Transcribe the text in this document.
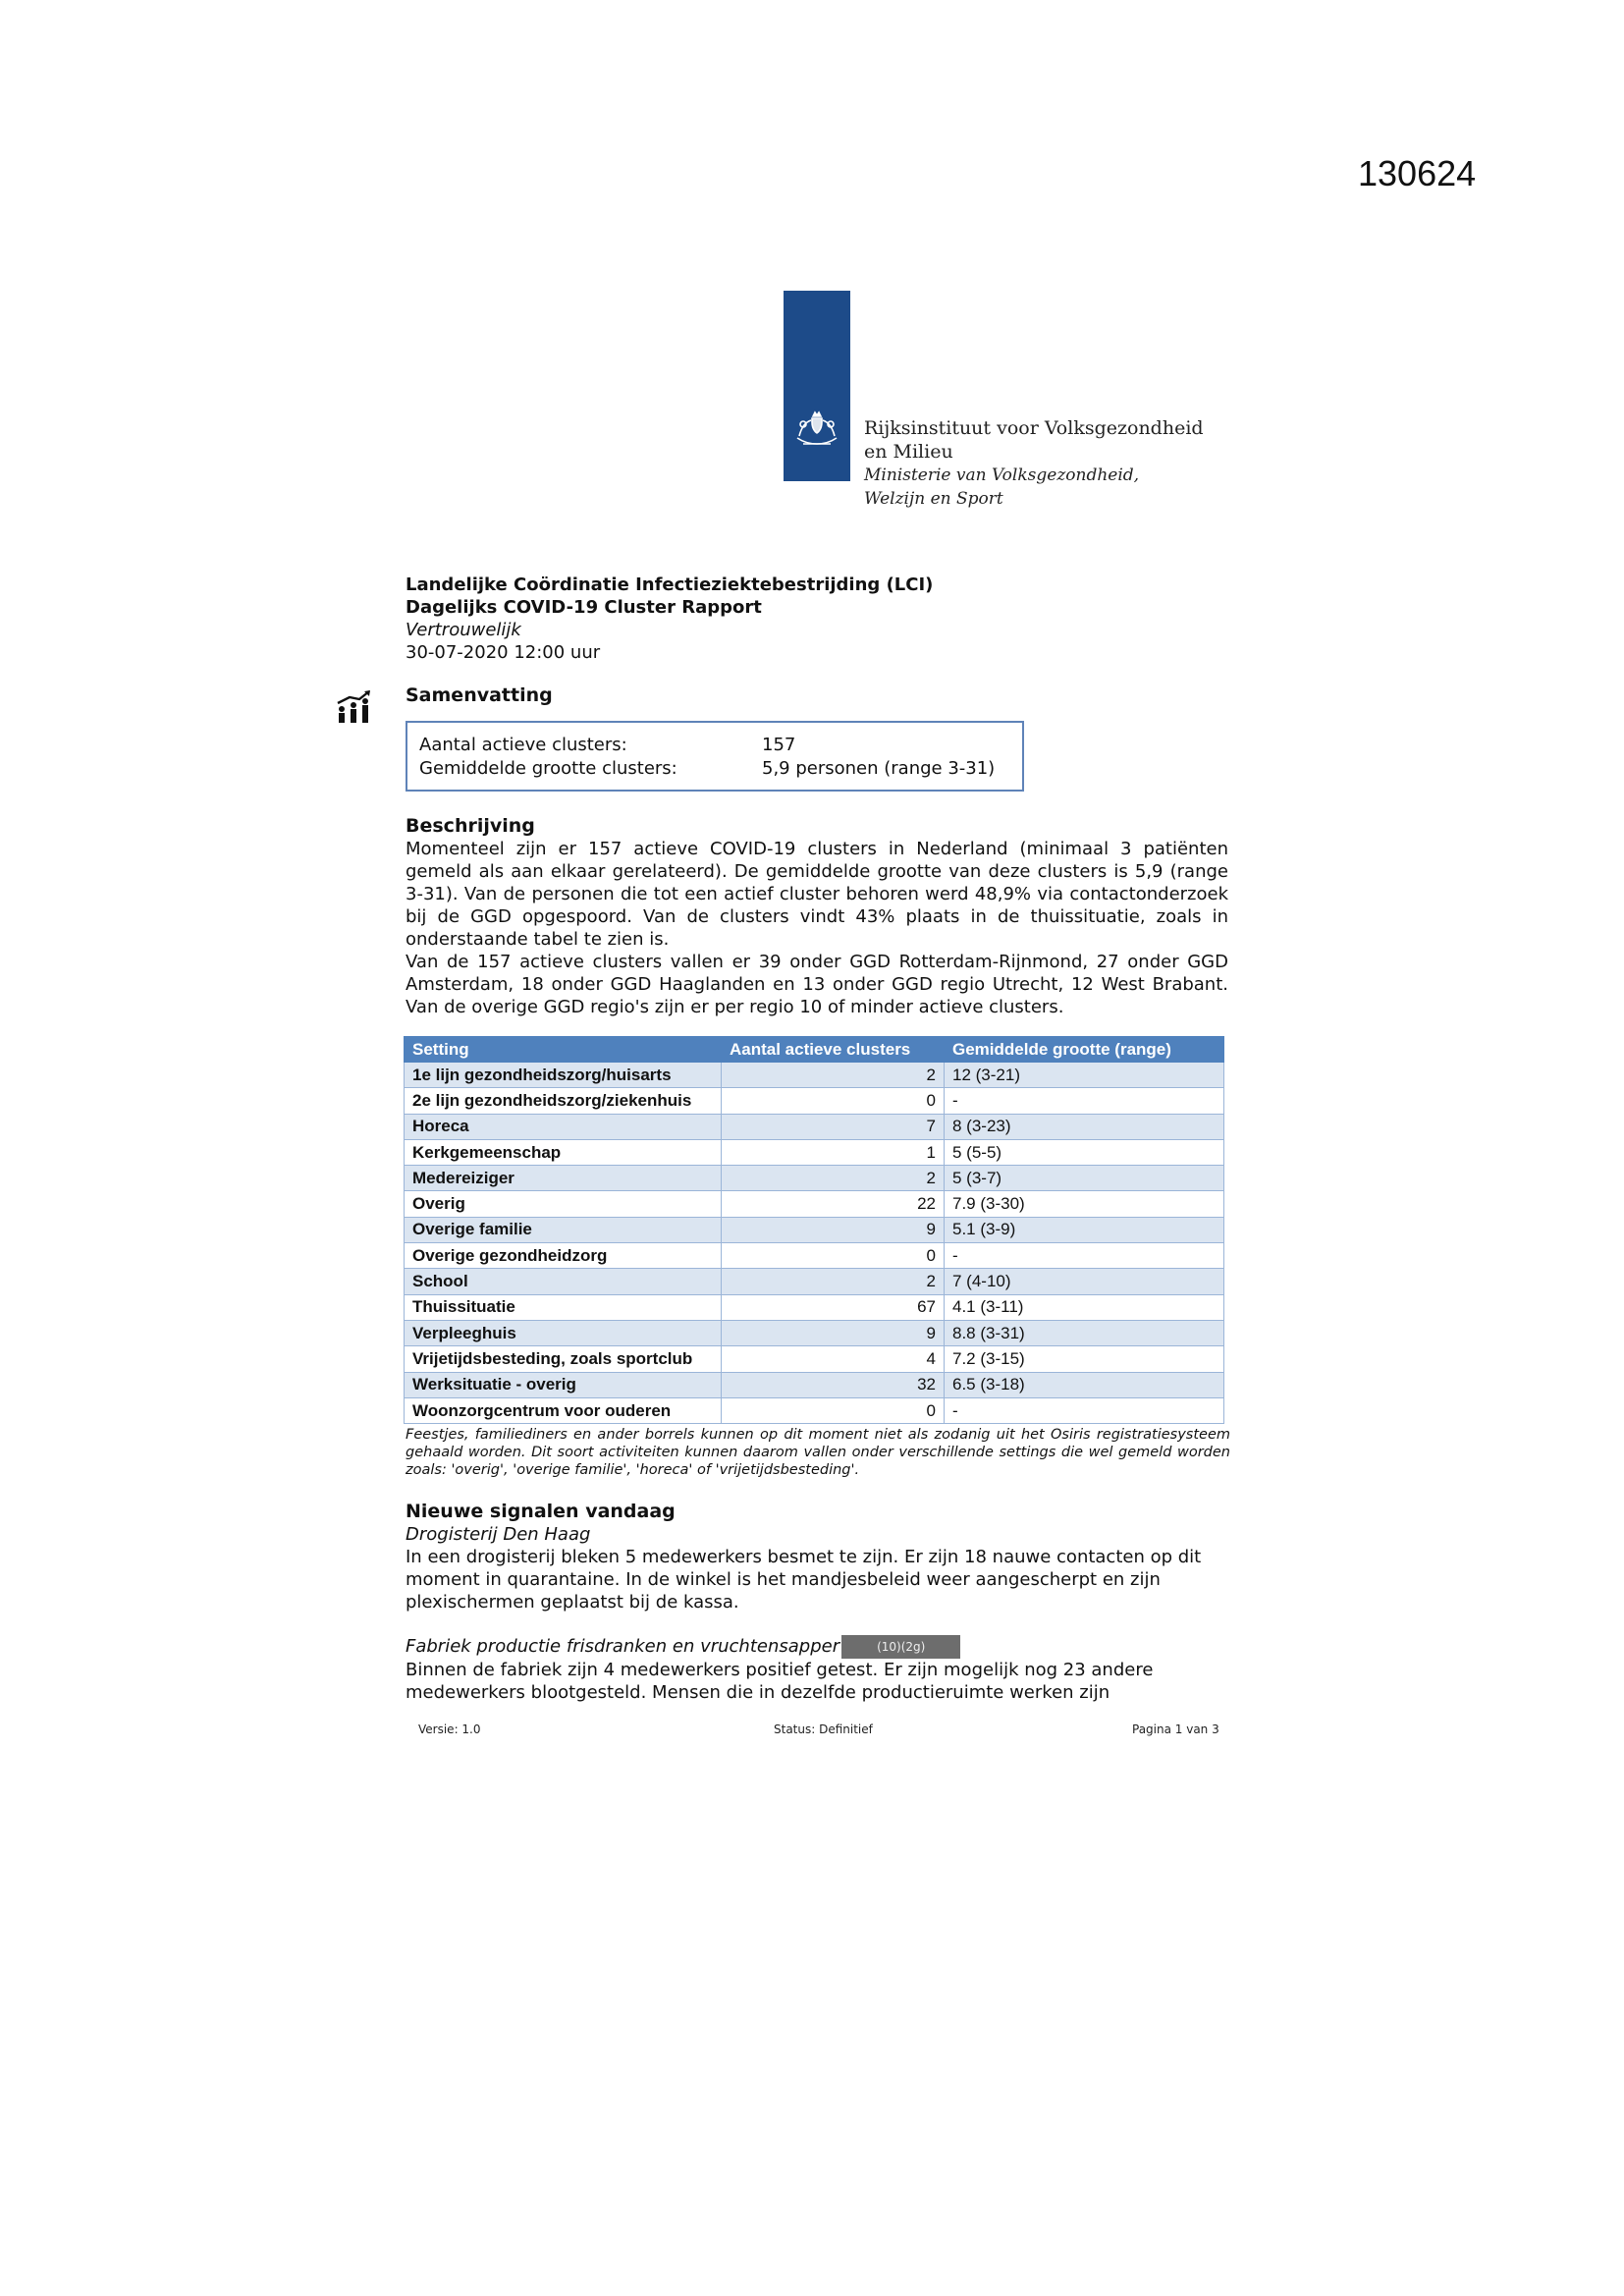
130624
Rijksinstituut voor Volksgezondheid
en Milieu
Ministerie van Volksgezondheid,
Welzijn en Sport
Landelijke Coördinatie Infectieziektebestrijding (LCI)
Dagelijks COVID-19 Cluster Rapport
Vertrouwelijk
30-07-2020 12:00 uur
Samenvatting
Aantal actieve clusters:	157
Gemiddelde grootte clusters:	5,9 personen (range 3-31)
Beschrijving

Momenteel zijn er 157 actieve COVID-19 clusters in Nederland (minimaal 3 patiënten gemeld als aan elkaar gerelateerd). De gemiddelde grootte van deze clusters is 5,9 (range 3-31). Van de personen die tot een actief cluster behoren werd 48,9% via contactonderzoek bij de GGD opgespoord. Van de clusters vindt 43% plaats in de thuissituatie, zoals in onderstaande tabel te zien is.

Van de 157 actieve clusters vallen er 39 onder GGD Rotterdam-Rijnmond, 27 onder GGD Amsterdam, 18 onder GGD Haaglanden en 13 onder GGD regio Utrecht, 12 West Brabant. Van de overige GGD regio's zijn er per regio 10 of minder actieve clusters.

Setting	Aantal actieve clusters	Gemiddelde grootte (range)
1e lijn gezondheidszorg/huisarts	2	12 (3-21)
2e lijn gezondheidszorg/ziekenhuis	0	-
Horeca	7	8 (3-23)
Kerkgemeenschap	1	5 (5-5)
Medereiziger	2	5 (3-7)
Overig	22	7.9 (3-30)
Overige familie	9	5.1 (3-9)
Overige gezondheidzorg	0	-
School	2	7 (4-10)
Thuissituatie	67	4.1 (3-11)
Verpleeghuis	9	8.8 (3-31)
Vrijetijdsbesteding, zoals sportclub	4	7.2 (3-15)
Werksituatie - overig	32	6.5 (3-18)
Woonzorgcentrum voor ouderen	0	-
Feestjes, familiediners en ander borrels kunnen op dit moment niet als zodanig uit het Osiris registratiesysteem gehaald worden. Dit soort activiteiten kunnen daarom vallen onder verschillende settings die wel gemeld worden zoals: 'overig', 'overige familie', 'horeca' of 'vrijetijdsbesteding'.
Nieuwe signalen vandaag

Drogisterij Den Haag

In een drogisterij bleken 5 medewerkers besmet te zijn. Er zijn 18 nauwe contacten op dit moment in quarantaine. In de winkel is het mandjesbeleid weer aangescherpt en zijn plexischermen geplaatst bij de kassa.

Fabriek productie frisdranken en vruchtensapper	(10)(2g)

Binnen de fabriek zijn 4 medewerkers positief getest. Er zijn mogelijk nog 23 andere medewerkers blootgesteld. Mensen die in dezelfde productieruimte werken zijn

Versie: 1.0	Status: Definitief	Pagina 1 van 3
